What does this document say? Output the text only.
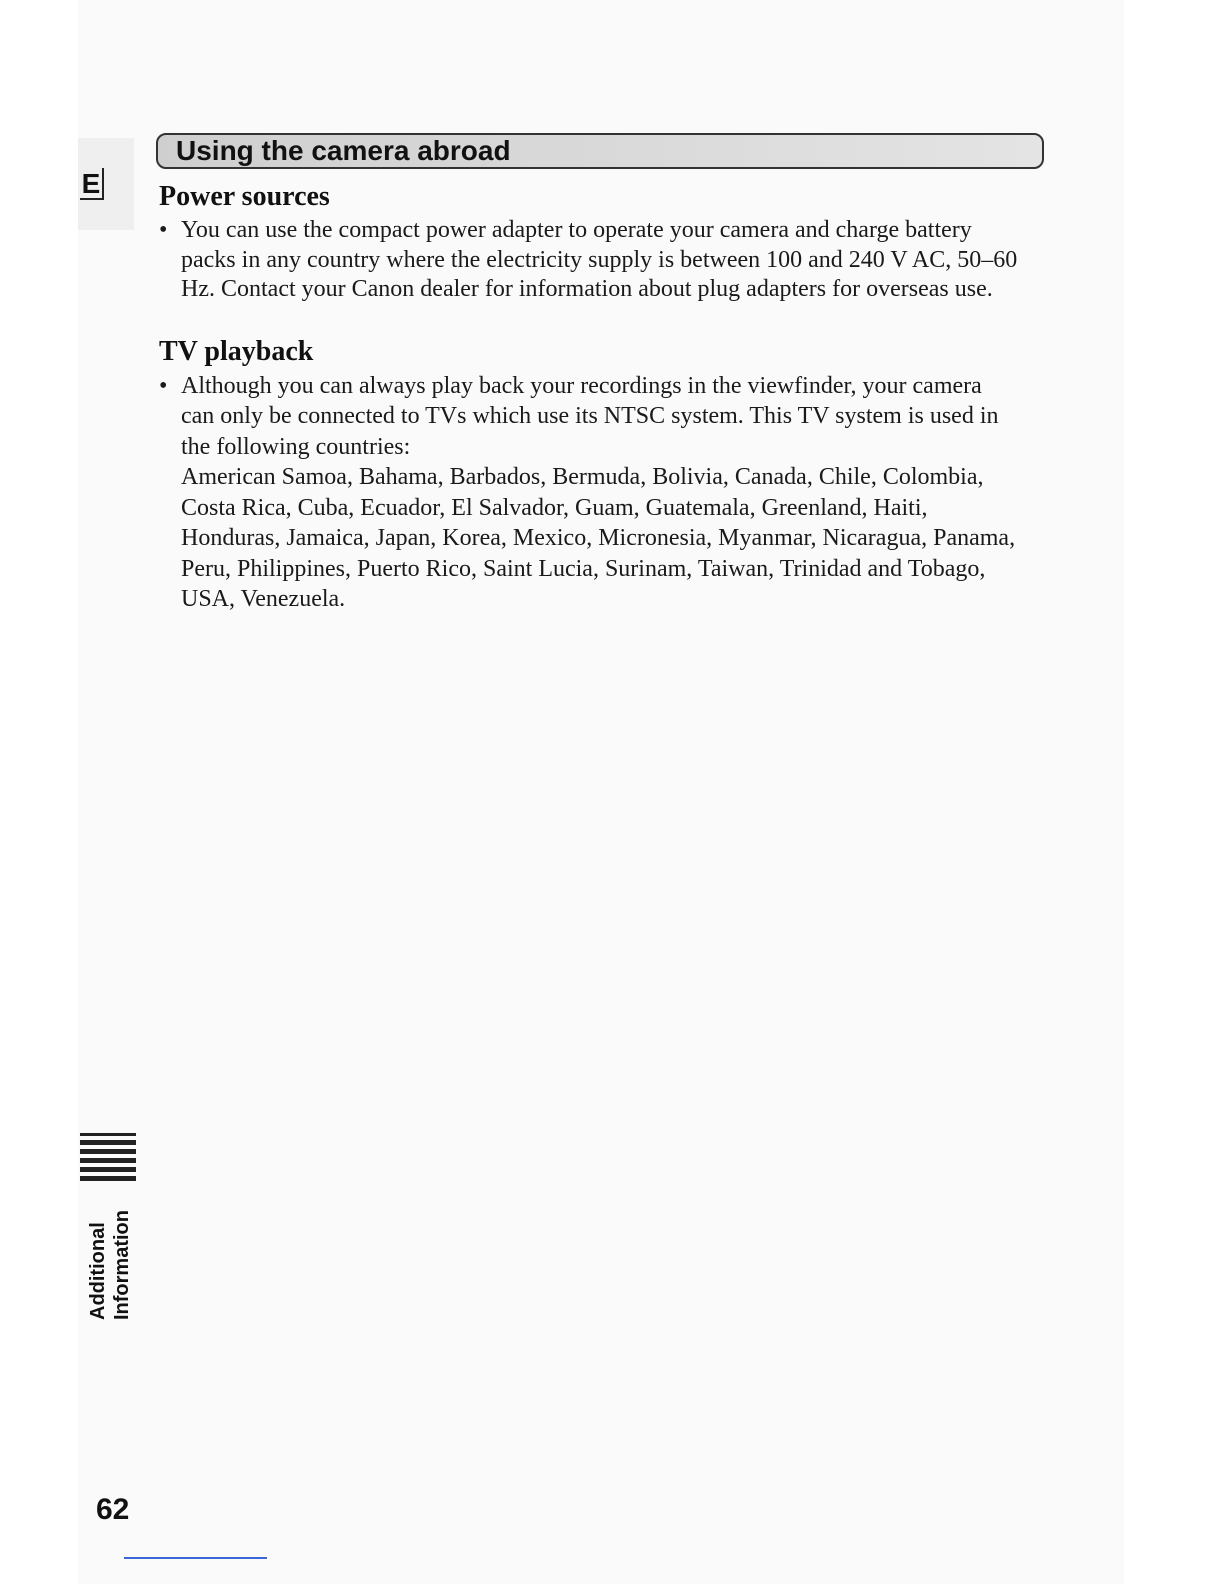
E
Using the camera abroad
Power sources
• You can use the compact power adapter to operate your camera and charge battery packs in any country where the electricity supply is between 100 and 240 V AC, 50–60 Hz. Contact your Canon dealer for information about plug adapters for overseas use.

TV playback
• Although you can always play back your recordings in the viewfinder, your camera can only be connected to TVs which use its NTSC system. This TV system is used in the following countries:

American Samoa, Bahama, Barbados, Bermuda, Bolivia, Canada, Chile, Colombia, Costa Rica, Cuba, Ecuador, El Salvador, Guam, Guatemala, Greenland, Haiti, Honduras, Jamaica, Japan, Korea, Mexico, Micronesia, Myanmar, Nicaragua, Panama, Peru, Philippines, Puerto Rico, Saint Lucia, Surinam, Taiwan, Trinidad and Tobago, USA, Venezuela.

Additional Information
62
